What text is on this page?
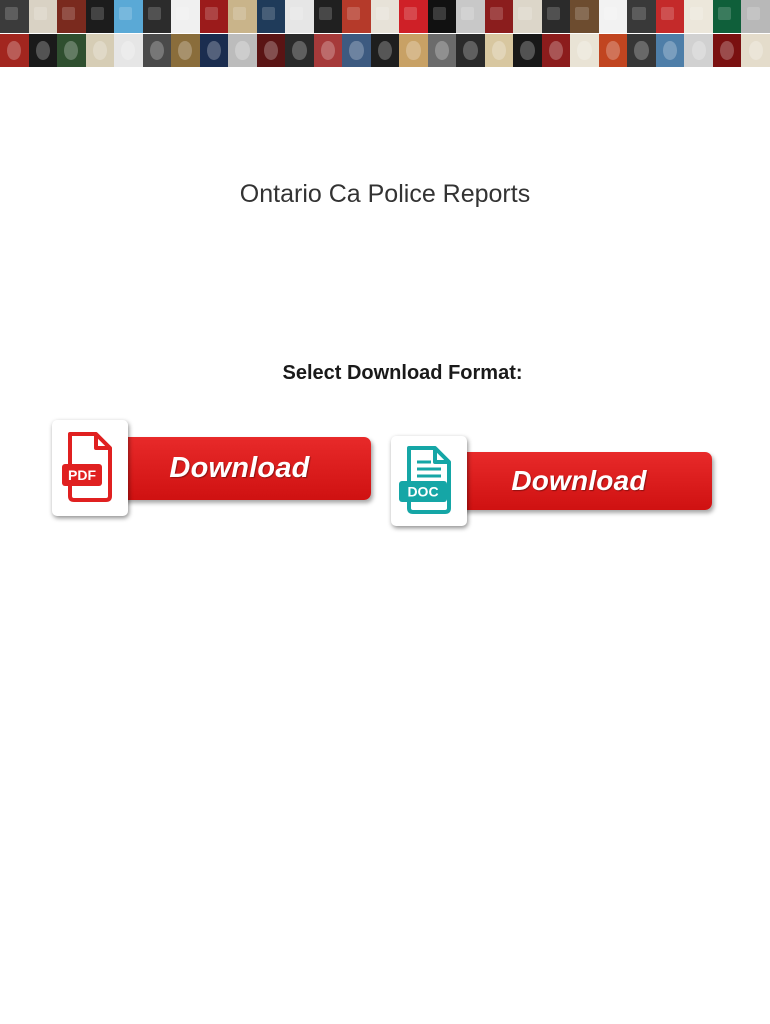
Ontario Ca Police Reports

Select Download Format:

Download
PDF	Download
DOC
